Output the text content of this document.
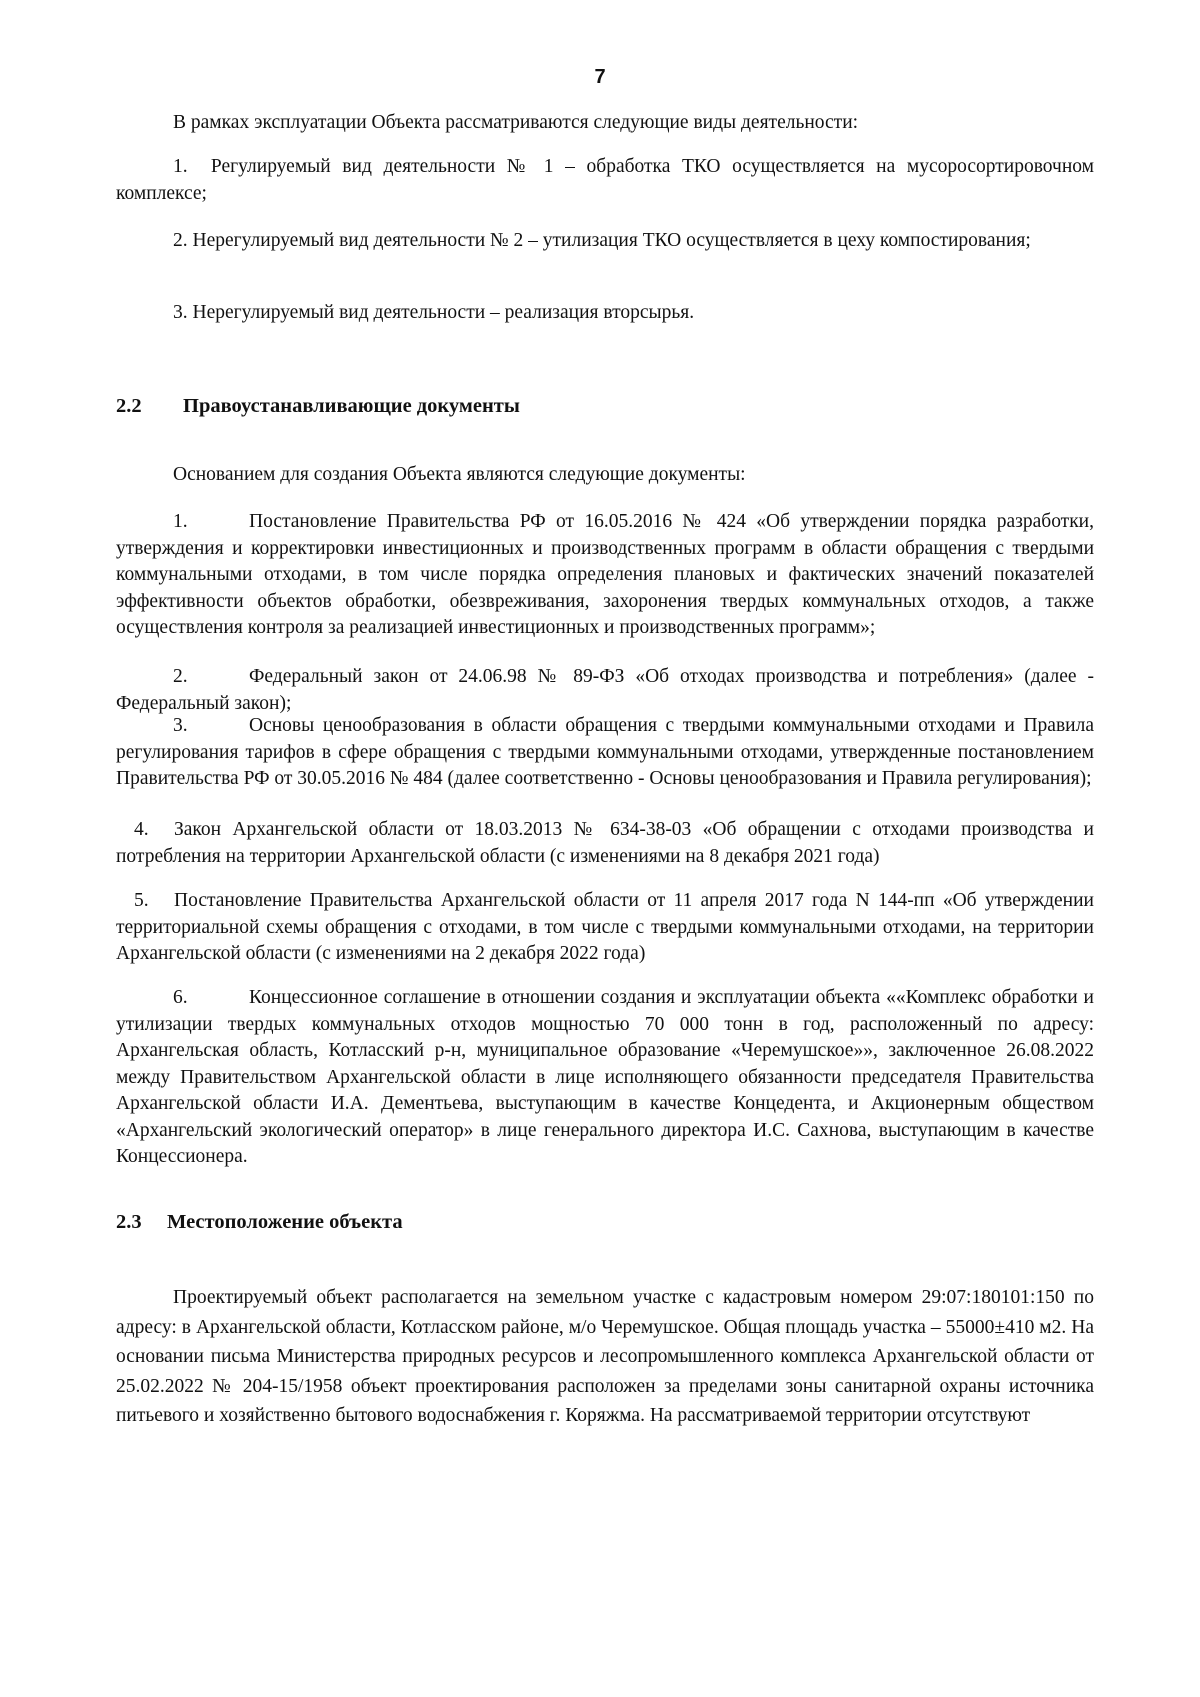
7

В рамках эксплуатации Объекта рассматриваются следующие виды деятельности:

1. Регулируемый вид деятельности № 1 – обработка ТКО осуществляется на мусоросортировочном комплексе;

2. Нерегулируемый вид деятельности № 2 – утилизация ТКО осуществляется в цеху компостирования;

3. Нерегулируемый вид деятельности – реализация вторсырья.

2.2 Правоустанавливающие документы

Основанием для создания Объекта являются следующие документы:

1.	Постановление Правительства РФ от 16.05.2016 № 424 «Об утверждении порядка разработки, утверждения и корректировки инвестиционных и производственных программ в области обращения с твердыми коммунальными отходами, в том числе порядка определения плановых и фактических значений показателей эффективности объектов обработки, обезвреживания, захоронения твердых коммунальных отходов, а также осуществления контроля за реализацией инвестиционных и производственных программ»;

2.	Федеральный закон от 24.06.98 № 89-ФЗ «Об отходах производства и потребления» (далее - Федеральный закон);

3.	Основы ценообразования в области обращения с твердыми коммунальными отходами и Правила регулирования тарифов в сфере обращения с твердыми коммунальными отходами, утвержденные постановлением Правительства РФ от 30.05.2016 № 484 (далее соответственно - Основы ценообразования и Правила регулирования);

4. Закон Архангельской области от 18.03.2013 № 634-38-03 «Об обращении с отходами производства и потребления на территории Архангельской области (с изменениями на 8 декабря 2021 года)

5. Постановление Правительства Архангельской области от 11 апреля 2017 года N 144-пп «Об утверждении территориальной схемы обращения с отходами, в том числе с твердыми коммунальными отходами, на территории Архангельской области (с изменениями на 2 декабря 2022 года)

6.	Концессионное соглашение в отношении создания и эксплуатации объекта ««Комплекс обработки и утилизации твердых коммунальных отходов мощностью 70 000 тонн в год, расположенный по адресу: Архангельская область, Котласский р-н, муниципальное образование «Черемушское»», заключенное 26.08.2022 между Правительством Архангельской области в лице исполняющего обязанности председателя Правительства Архангельской области И.А. Дементьева, выступающим в качестве Концедента, и Акционерным обществом «Архангельский экологический оператор» в лице генерального директора И.С. Сахнова, выступающим в качестве Концессионера.

2.3 Местоположение объекта

Проектируемый объект располагается на земельном участке с кадастровым номером 29:07:180101:150 по адресу: в Архангельской области, Котласском районе, м/о Черемушское. Общая площадь участка – 55000±410 м2. На основании письма Министерства природных ресурсов и лесопромышленного комплекса Архангельской области от 25.02.2022 № 204-15/1958 объект проектирования расположен за пределами зоны санитарной охраны источника питьевого и хозяйственно бытового водоснабжения г. Коряжма. На рассматриваемой территории отсутствуют
